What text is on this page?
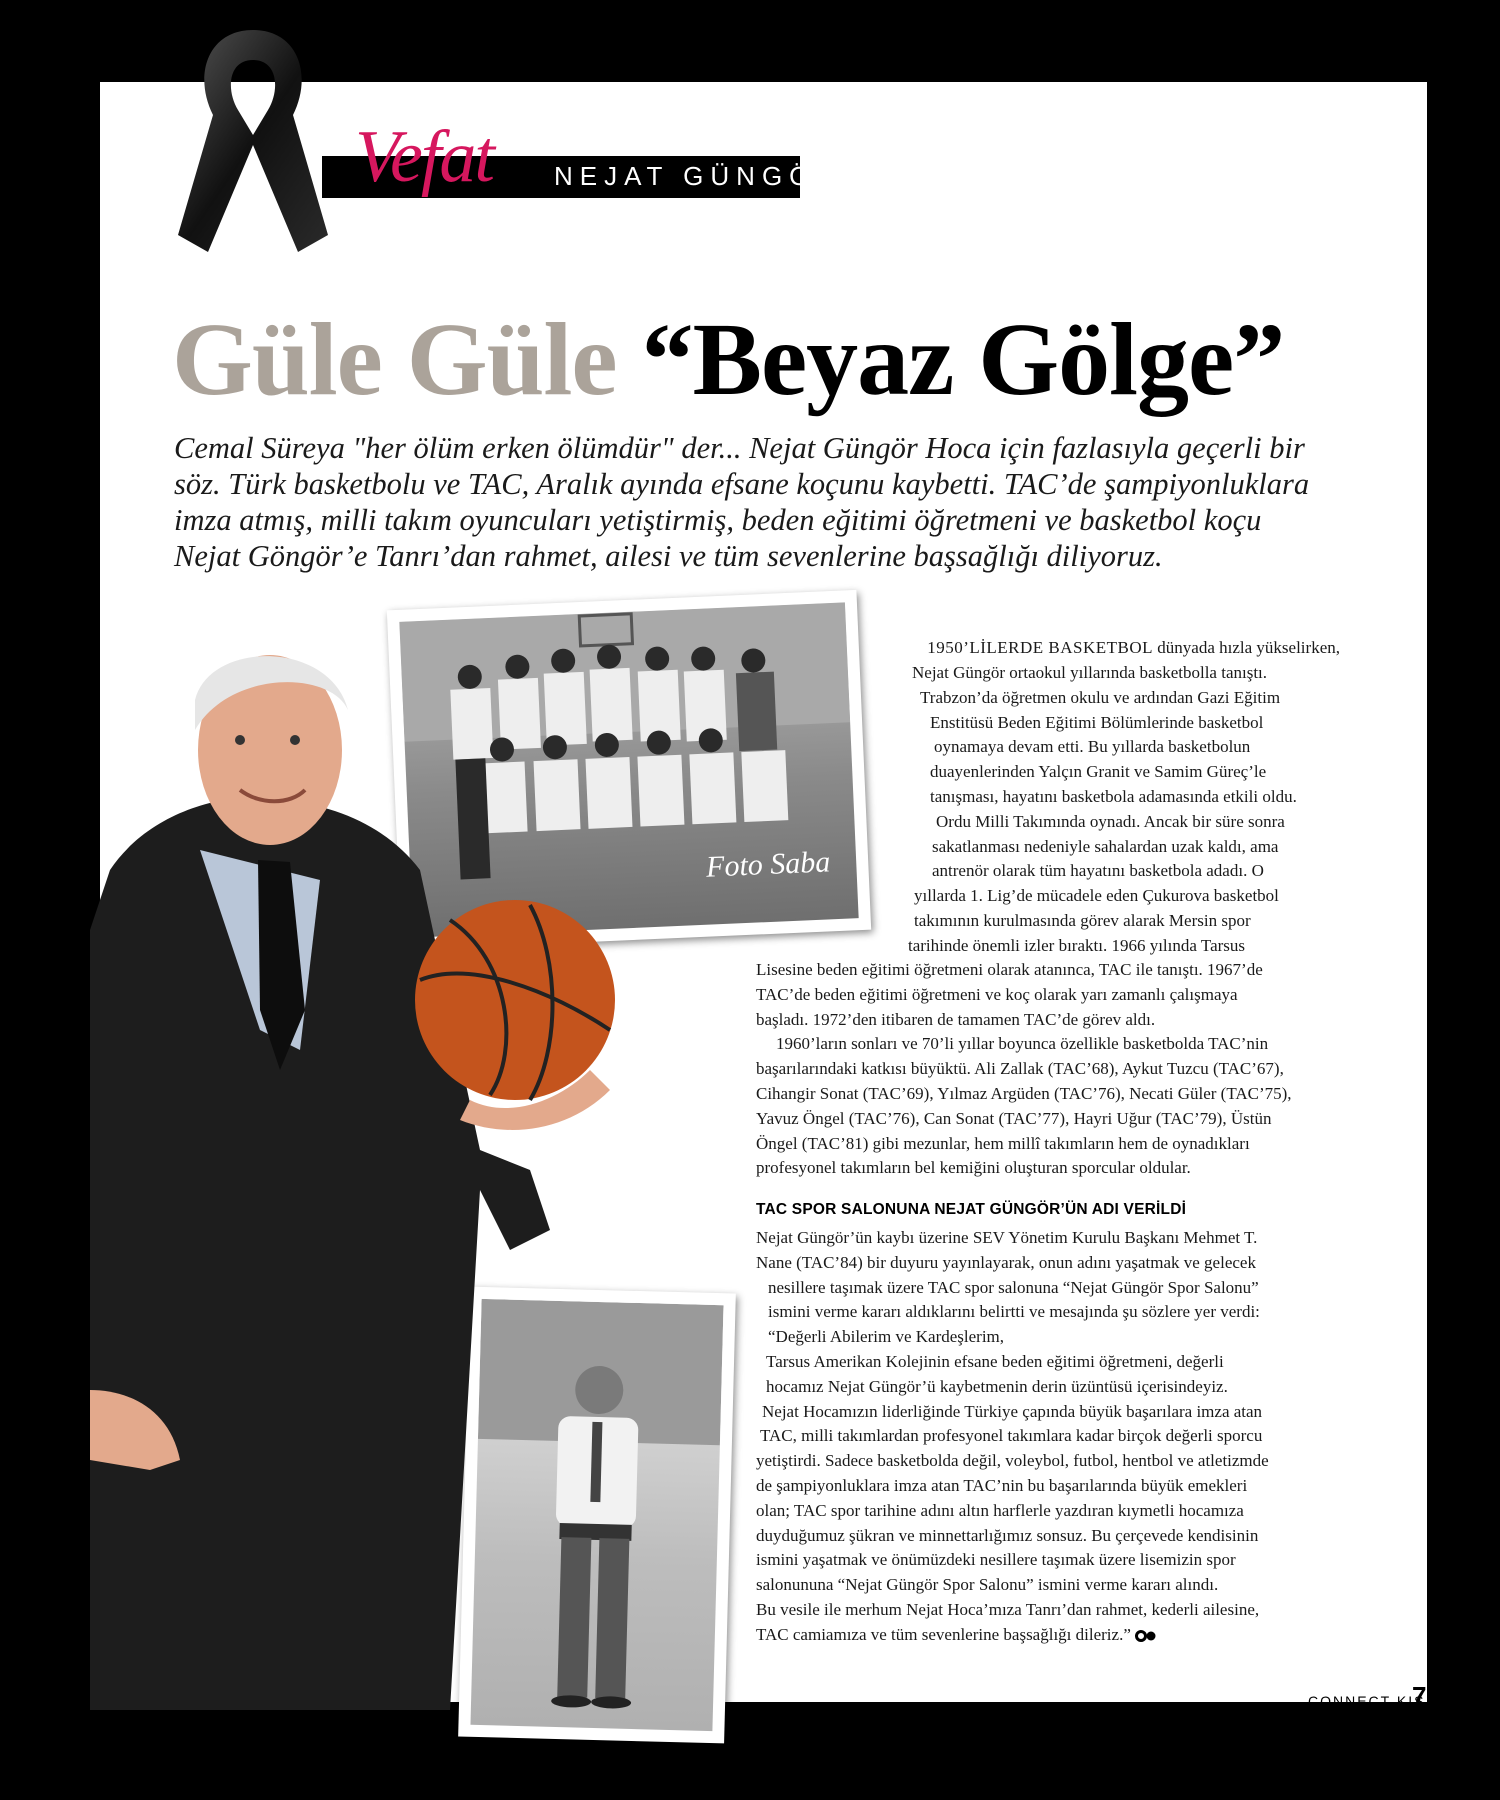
Vefat NEJAT GÜNGÖR
Güle Güle “Beyaz Gölge”
Cemal Süreya "her ölüm erken ölümdür" der... Nejat Güngör Hoca için fazlasıyla geçerli bir
söz. Türk basketbolu ve TAC, Aralık ayında efsane koçunu kaybetti. TAC’de şampiyonluklara
imza atmış, milli takım oyuncuları yetiştirmiş, beden eğitimi öğretmeni ve basketbol koçu
Nejat Göngör’e Tanrı’dan rahmet, ailesi ve tüm sevenlerine başsağlığı diliyoruz.
Foto Saba
1950’LİLERDE BASKETBOL dünyada hızla yükselirken,
Nejat Güngör ortaokul yıllarında basketbolla tanıştı.
Trabzon’da öğretmen okulu ve ardından Gazi Eğitim
Enstitüsü Beden Eğitimi Bölümlerinde basketbol
oynamaya devam etti. Bu yıllarda basketbolun
duayenlerinden Yalçın Granit ve Samim Güreç’le
tanışması, hayatını basketbola adamasında etkili oldu.
Ordu Milli Takımında oynadı. Ancak bir süre sonra
sakatlanması nedeniyle sahalardan uzak kaldı, ama
antrenör olarak tüm hayatını basketbola adadı. O
yıllarda 1. Lig’de mücadele eden Çukurova basketbol
takımının kurulmasında görev alarak Mersin spor
tarihinde önemli izler bıraktı. 1966 yılında Tarsus
Lisesine beden eğitimi öğretmeni olarak atanınca, TAC ile tanıştı. 1967’de
TAC’de beden eğitimi öğretmeni ve koç olarak yarı zamanlı çalışmaya
başladı. 1972’den itibaren de tamamen TAC’de görev aldı.
1960’ların sonları ve 70’li yıllar boyunca özellikle basketbolda TAC’nin
başarılarındaki katkısı büyüktü. Ali Zallak (TAC’68), Aykut Tuzcu (TAC’67),
Cihangir Sonat (TAC’69), Yılmaz Argüden (TAC’76), Necati Güler (TAC’75),
Yavuz Öngel (TAC’76), Can Sonat (TAC’77), Hayri Uğur (TAC’79), Üstün
Öngel (TAC’81) gibi mezunlar, hem millî takımların hem de oynadıkları
profesyonel takımların bel kemiğini oluşturan sporcular oldular.
TAC SPOR SALONUNA NEJAT GÜNGÖR’ÜN ADI VERİLDİ
Nejat Güngör’ün kaybı üzerine SEV Yönetim Kurulu Başkanı Mehmet T.
Nane (TAC’84) bir duyuru yayınlayarak, onun adını yaşatmak ve gelecek
nesillere taşımak üzere TAC spor salonuna “Nejat Güngör Spor Salonu”
ismini verme kararı aldıklarını belirtti ve mesajında şu sözlere yer verdi:
“Değerli Abilerim ve Kardeşlerim,
Tarsus Amerikan Kolejinin efsane beden eğitimi öğretmeni, değerli
hocamız Nejat Güngör’ü kaybetmenin derin üzüntüsü içerisindeyiz.
Nejat Hocamızın liderliğinde Türkiye çapında büyük başarılara imza atan
TAC, milli takımlardan profesyonel takımlara kadar birçok değerli sporcu
yetiştirdi. Sadece basketbolda değil, voleybol, futbol, hentbol ve atletizmde
de şampiyonluklara imza atan TAC’nin bu başarılarında büyük emekleri
olan; TAC spor tarihine adını altın harflerle yazdıran kıymetli hocamıza
duyduğumuz şükran ve minnettarlığımız sonsuz. Bu çerçevede kendisinin
ismini yaşatmak ve önümüzdeki nesillere taşımak üzere lisemizin spor
salonununa “Nejat Güngör Spor Salonu” ismini verme kararı alındı.
Bu vesile ile merhum Nejat Hoca’mıza Tanrı’dan rahmet, kederli ailesine,
TAC camiamıza ve tüm sevenlerine başsağlığı dileriz.”
CONNECT KIŞ
75
